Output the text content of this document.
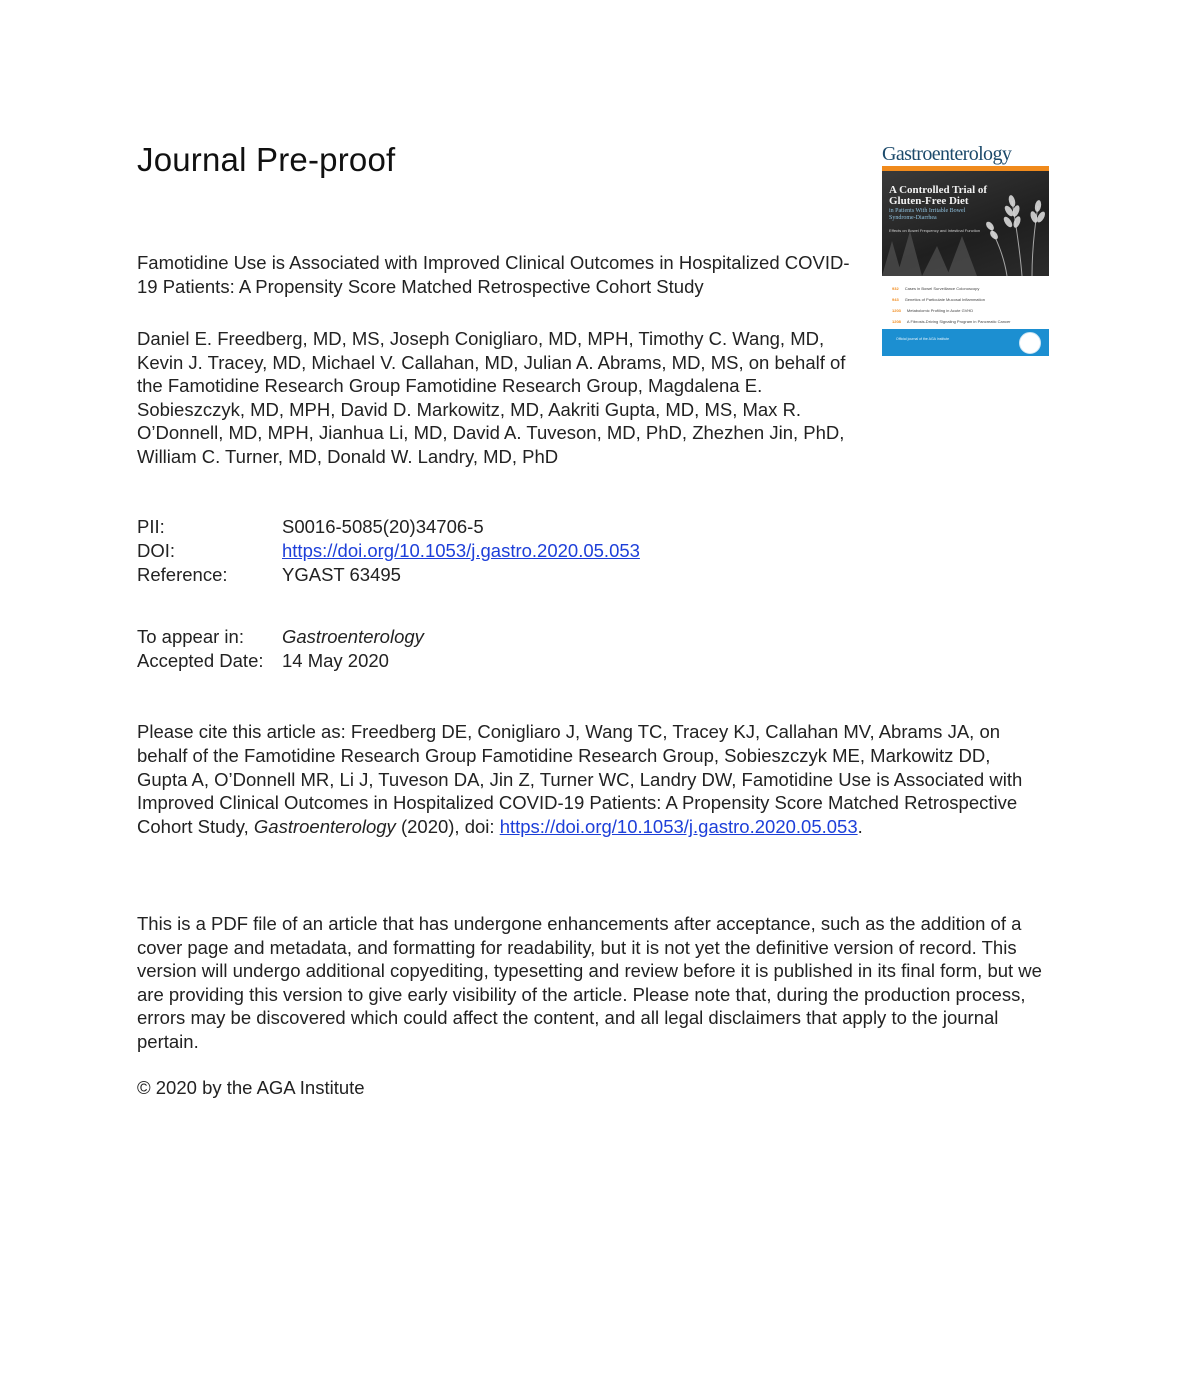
Journal Pre-proof
Famotidine Use is Associated with Improved Clinical Outcomes in Hospitalized COVID-19 Patients: A Propensity Score Matched Retrospective Cohort Study
Daniel E. Freedberg, MD, MS, Joseph Conigliaro, MD, MPH, Timothy C. Wang, MD, Kevin J. Tracey, MD, Michael V. Callahan, MD, Julian A. Abrams, MD, MS, on behalf of the Famotidine Research Group Famotidine Research Group, Magdalena E. Sobieszczyk, MD, MPH, David D. Markowitz, MD, Aakriti Gupta, MD, MS, Max R. O’Donnell, MD, MPH, Jianhua Li, MD, David A. Tuveson, MD, PhD, Zhezhen Jin, PhD, William C. Turner, MD, Donald W. Landry, MD, PhD
PII:	S0016-5085(20)34706-5
DOI:	https://doi.org/10.1053/j.gastro.2020.05.053
Reference:	YGAST 63495
To appear in:	Gastroenterology
Accepted Date:	14 May 2020
Please cite this article as: Freedberg DE, Conigliaro J, Wang TC, Tracey KJ, Callahan MV, Abrams JA, on behalf of the Famotidine Research Group Famotidine Research Group, Sobieszczyk ME, Markowitz DD, Gupta A, O’Donnell MR, Li J, Tuveson DA, Jin Z, Turner WC, Landry DW, Famotidine Use is Associated with Improved Clinical Outcomes in Hospitalized COVID-19 Patients: A Propensity Score Matched Retrospective Cohort Study, Gastroenterology (2020), doi: https://doi.org/10.1053/j.gastro.2020.05.053.
This is a PDF file of an article that has undergone enhancements after acceptance, such as the addition of a cover page and metadata, and formatting for readability, but it is not yet the definitive version of record. This version will undergo additional copyediting, typesetting and review before it is published in its final form, but we are providing this version to give early visibility of the article. Please note that, during the production process, errors may be discovered which could affect the content, and all legal disclaimers that apply to the journal pertain.
© 2020 by the AGA Institute
Gastroenterology
A Controlled Trial of Gluten-Free Diet
in Patients With Irritable Bowel Syndrome-Diarrhea
Effects on Bowel Frequency and Intestinal Function
932 Cases in Bowel Surveillance Colonoscopy
943 Genetics of Particulate Mucosal Inflammation
1203 Metabolomic Profiling in Acute GVHD
1208 A Fibrosis-Driving Signaling Program in Pancreatic Cancer
Official journal of the AGA Institute
